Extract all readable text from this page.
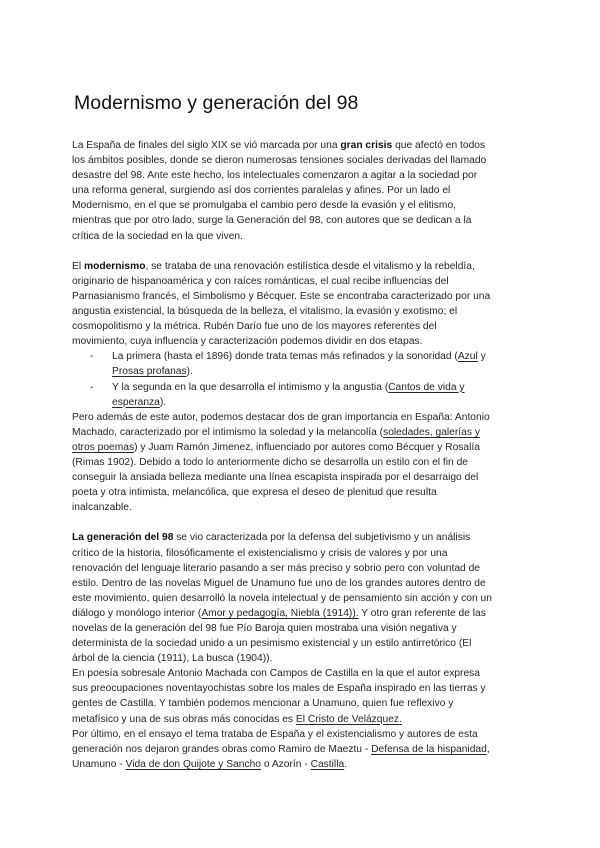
Modernismo y generación del 98
La España de finales del siglo XIX se vió marcada por una gran crisis que afectó en todos
los ámbitos posibles, donde se dieron numerosas tensiones sociales derivadas del llamado
desastre del 98. Ante este hecho, los intelectuales comenzaron a agitar a la sociedad por
una reforma general, surgiendo así dos corrientes paralelas y afines. Por un lado el
Modernismo, en el que se promulgaba el cambio pero desde la evasión y el elitismo,
mientras que por otro lado, surge la Generación del 98, con autores que se dedican a la
crítica de la sociedad en la que viven.
El modernismo, se trataba de una renovación estilística desde el vitalismo y la rebeldía,
originario de hispanoamérica y con raíces románticas, el cual recibe influencias del
Parnasianismo francés, el Simbolismo y Bécquer. Este se encontraba caracterizado por una
angustia existencial, la búsqueda de la belleza, el vitalismo, la evasión y exotismo; el
cosmopolitismo y la métrica. Rubén Darío fue uno de los mayores referentes del
movimiento, cuya influencia y caracterización podemos dividir en dos etapas.
- La primera (hasta el 1896) donde trata temas más refinados y la sonoridad (Azul y
Prosas profanas).
- Y la segunda en la que desarrolla el intimismo y la angustia (Cantos de vida y
esperanza).
Pero además de este autor, podemos destacar dos de gran importancia en España: Antonio
Machado, caracterizado por el intimismo la soledad y la melancolía (soledades, galerías y
otros poemas) y Juam Ramón Jimenez, influenciado por autores como Bécquer y Rosalía
(Rimas 1902). Debido a todo lo anteriormente dicho se desarrolla un estilo con el fin de
conseguir la ansiada belleza mediante una línea escapista inspirada por el desarraigo del
poeta y otra intimista, melancólica, que expresa el deseo de plenitud que resulta
inalcanzable.
La generación del 98 se vio caracterizada por la defensa del subjetivismo y un análisis
crítico de la historia, filosóficamente el existencialismo y crisis de valores y por una
renovación del lenguaje literario pasando a ser más preciso y sobrio pero con voluntad de
estilo. Dentro de las novelas Miguel de Unamuno fue uno de los grandes autores dentro de
este movimiento, quien desarrolló la novela intelectual y de pensamiento sin acción y con un
diálogo y monólogo interior (Amor y pedagogía, Niebla (1914)). Y otro gran referente de las
novelas de la generación del 98 fue Pío Baroja quien mostraba una visión negativa y
determinista de la sociedad unido a un pesimismo existencial y un estilo antirretórico (El
árbol de la ciencia (1911), La busca (1904)).
En poesía sobresale Antonio Machada con Campos de Castilla en la que el autor expresa
sus preocupaciones noventayochistas sobre los males de España inspirado en las tierras y
gentes de Castilla. Y también podemos mencionar a Unamuno, quien fue reflexivo y
metafísico y una de sus obras más conocidas es El Cristo de Velázquez.
Por último, en el ensayo el tema trataba de España y el existencialismo y autores de esta
generación nos dejaron grandes obras como Ramiro de Maeztu - Defensa de la hispanidad,
Unamuno - Vida de don Quijote y Sancho o Azorín - Castilla.
